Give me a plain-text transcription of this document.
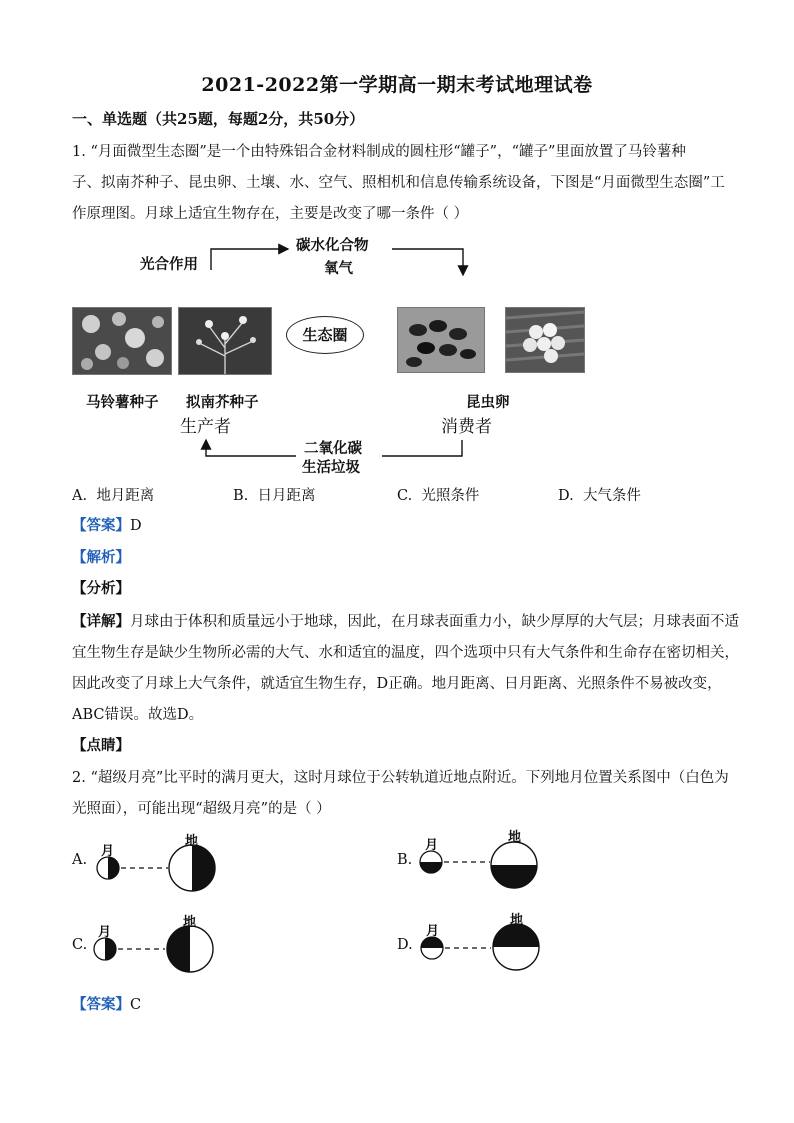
2021-2022第一学期高一期末考试地理试卷
一、单选题（共25题，每题2分，共50分）
1. “月面微型生态圈”是一个由特殊铝合金材料制成的圆柱形“罐子”，“罐子”里面放置了马铃薯种
子、拟南芥种子、昆虫卵、土壤、水、空气、照相机和信息传输系统设备，下图是“月面微型生态圈”工
作原理图。月球上适宜生物存在，主要是改变了哪一条件（ ）
光合作用
碳水化合物
氧气
生态圈
马铃薯种子 拟南芥种子
生产者
昆虫卵
消费者
二氧化碳
生活垃圾
A. 地月距离	B. 日月距离	C. 光照条件	D. 大气条件
【答案】D
【解析】
【分析】
【详解】月球由于体积和质量远小于地球，因此，在月球表面重力小，缺少厚厚的大气层；月球表面不适
宜生物生存是缺少生物所必需的大气、水和适宜的温度，四个选项中只有大气条件和生命存在密切相关，
因此改变了月球上大气条件，就适宜生物生存，D正确。地月距离、日月距离、光照条件不易被改变，
ABC错误。故选D。
【点睛】
2. “超级月亮”比平时的满月更大，这时月球位于公转轨道近地点附近。下列地月位置关系图中（白色为
光照面），可能出现“超级月亮”的是（ ）
月
地	月
地
月
地
月
地
A.	B.
C.	D.
【答案】C
